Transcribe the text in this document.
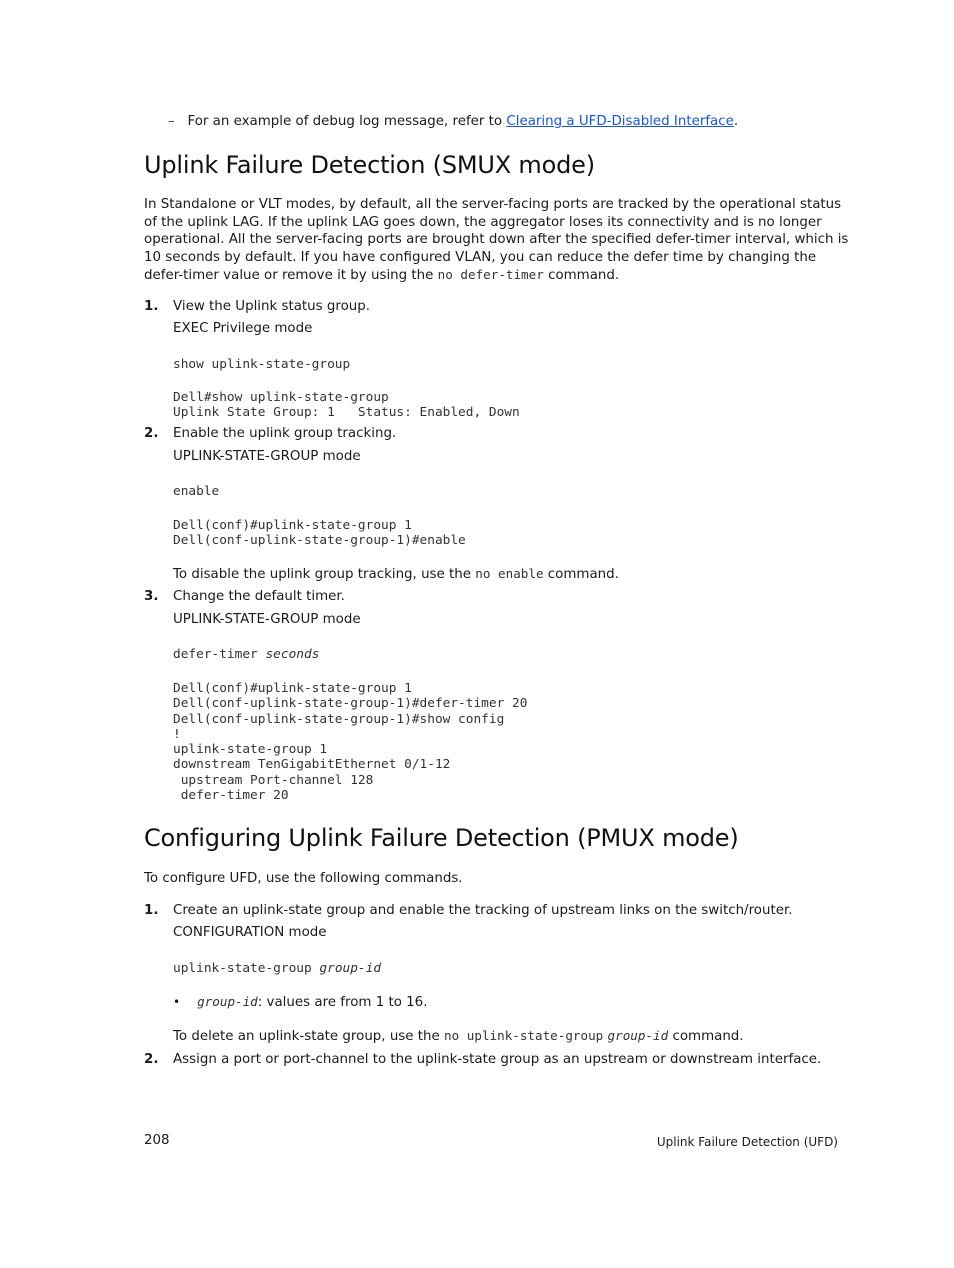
– For an example of debug log message, refer to Clearing a UFD-Disabled Interface.
Uplink Failure Detection (SMUX mode)
In Standalone or VLT modes, by default, all the server-facing ports are tracked by the operational status
of the uplink LAG. If the uplink LAG goes down, the aggregator loses its connectivity and is no longer
operational. All the server-facing ports are brought down after the specified defer-timer interval, which is
10 seconds by default. If you have configured VLAN, you can reduce the defer time by changing the
defer-timer value or remove it by using the no defer-timer command.
1. View the Uplink status group.
EXEC Privilege mode
show uplink-state-group
Dell#show uplink-state-group
Uplink State Group: 1   Status: Enabled, Down
2. Enable the uplink group tracking.
UPLINK-STATE-GROUP mode
enable
Dell(conf)#uplink-state-group 1
Dell(conf-uplink-state-group-1)#enable
To disable the uplink group tracking, use the no enable command.
3. Change the default timer.
UPLINK-STATE-GROUP mode
defer-timer seconds
Dell(conf)#uplink-state-group 1
Dell(conf-uplink-state-group-1)#defer-timer 20
Dell(conf-uplink-state-group-1)#show config
!
uplink-state-group 1
downstream TenGigabitEthernet 0/1-12
upstream Port-channel 128
defer-timer 20
Configuring Uplink Failure Detection (PMUX mode)
To configure UFD, use the following commands.
1. Create an uplink-state group and enable the tracking of upstream links on the switch/router.
CONFIGURATION mode
uplink-state-group group-id
• group-id: values are from 1 to 16.
To delete an uplink-state group, use the no uplink-state-group group-id command.
2. Assign a port or port-channel to the uplink-state group as an upstream or downstream interface.
208	Uplink Failure Detection (UFD)
